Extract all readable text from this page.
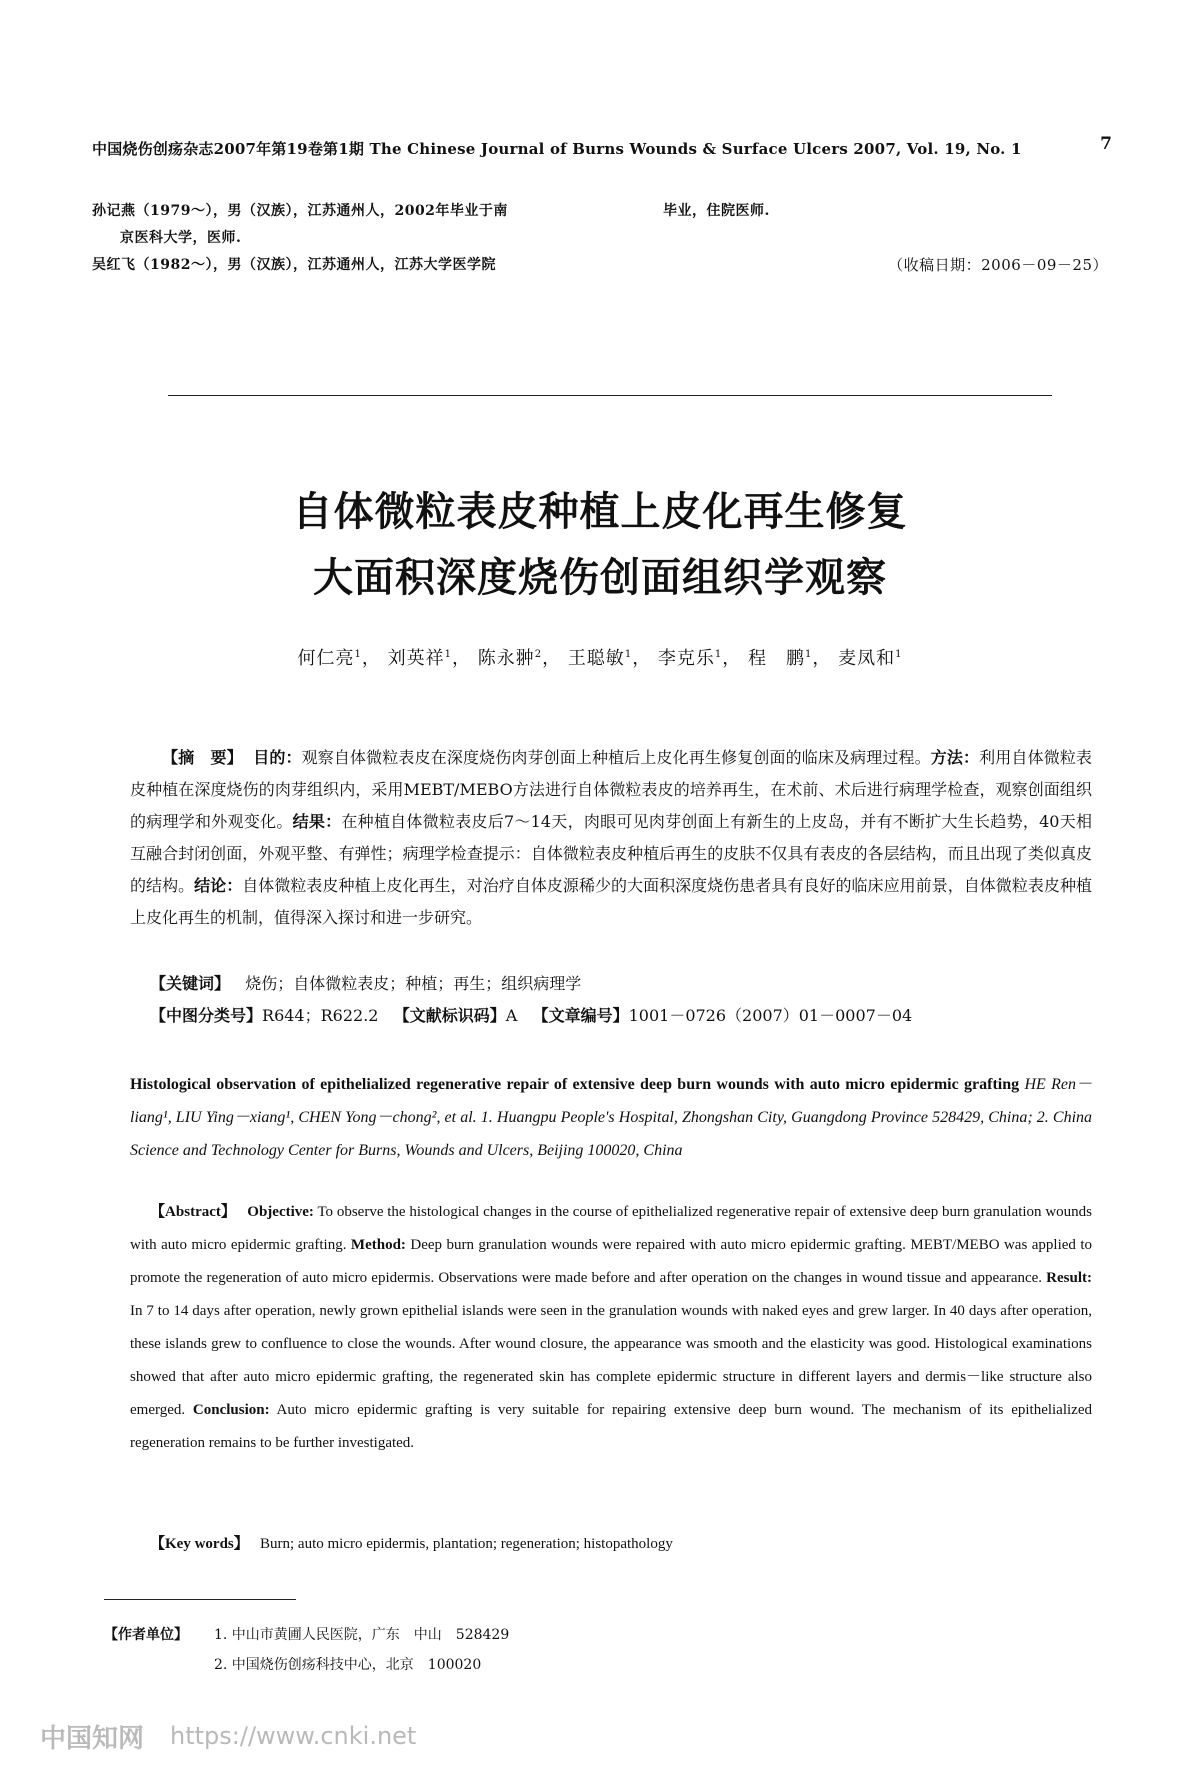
中国烧伤创疡杂志2007年第19卷第1期 The Chinese Journal of Burns Wounds & Surface Ulcers 2007, Vol. 19, No. 1	7
孙记燕（1979～），男（汉族），江苏通州人，2002年毕业于南	毕业，住院医师.
京医科大学，医师.
吴红飞（1982～），男（汉族），江苏通州人，江苏大学医学院	（收稿日期：2006－09－25）
自体微粒表皮种植上皮化再生修复
大面积深度烧伤创面组织学观察
何仁亮$^1$， 刘英祥$^1$， 陈永翀$^2$， 王聪敏$^1$， 李克乐$^1$， 程　鹏$^1$， 麦凤和$^1$
【摘　要】 目的：观察自体微粒表皮在深度烧伤肉芽创面上种植后上皮化再生修复创面的临床及病理过程。方法：利用自体微粒表皮种植在深度烧伤的肉芽组织内，采用MEBT/MEBO方法进行自体微粒表皮的培养再生，在术前、术后进行病理学检查，观察创面组织的病理学和外观变化。结果：在种植自体微粒表皮后7～14天，肉眼可见肉芽创面上有新生的上皮岛，并有不断扩大生长趋势，40天相互融合封闭创面，外观平整、有弹性；病理学检查提示：自体微粒表皮种植后再生的皮肤不仅具有表皮的各层结构，而且出现了类似真皮的结构。结论：自体微粒表皮种植上皮化再生，对治疗自体皮源稀少的大面积深度烧伤患者具有良好的临床应用前景，自体微粒表皮种植上皮化再生的机制，值得深入探讨和进一步研究。
【关键词】 烧伤；自体微粒表皮；种植；再生；组织病理学
【中图分类号】R644；R622.2 【文献标识码】A 【文章编号】1001－0726（2007）01－0007－04
Histological observation of epithelialized regenerative repair of extensive deep burn wounds with auto micro epidermic grafting HE Ren－liang¹, LIU Ying－xiang¹, CHEN Yong－chong², et al. 1. Huangpu People's Hospital, Zhongshan City, Guangdong Province 528429, China; 2. China Science and Technology Center for Burns, Wounds and Ulcers, Beijing 100020, China
【Abstract】 Objective: To observe the histological changes in the course of epithelialized regenerative repair of extensive deep burn granulation wounds with auto micro epidermic grafting. Method: Deep burn granulation wounds were repaired with auto micro epidermic grafting. MEBT/MEBO was applied to promote the regeneration of auto micro epidermis. Observations were made before and after operation on the changes in wound tissue and appearance. Result: In 7 to 14 days after operation, newly grown epithelial islands were seen in the granulation wounds with naked eyes and grew larger. In 40 days after operation, these islands grew to confluence to close the wounds. After wound closure, the appearance was smooth and the elasticity was good. Histological examinations showed that after auto micro epidermic grafting, the regenerated skin has complete epidermic structure in different layers and dermis－like structure also emerged. Conclusion: Auto micro epidermic grafting is very suitable for repairing extensive deep burn wound. The mechanism of its epithelialized regeneration remains to be further investigated.
【Key words】 Burn; auto micro epidermis, plantation; regeneration; histopathology
【作者单位】 1. 中山市黄圃人民医院，广东　中山　528429
2. 中国烧伤创疡科技中心，北京　100020
中国知网 https://www.cnki.net
